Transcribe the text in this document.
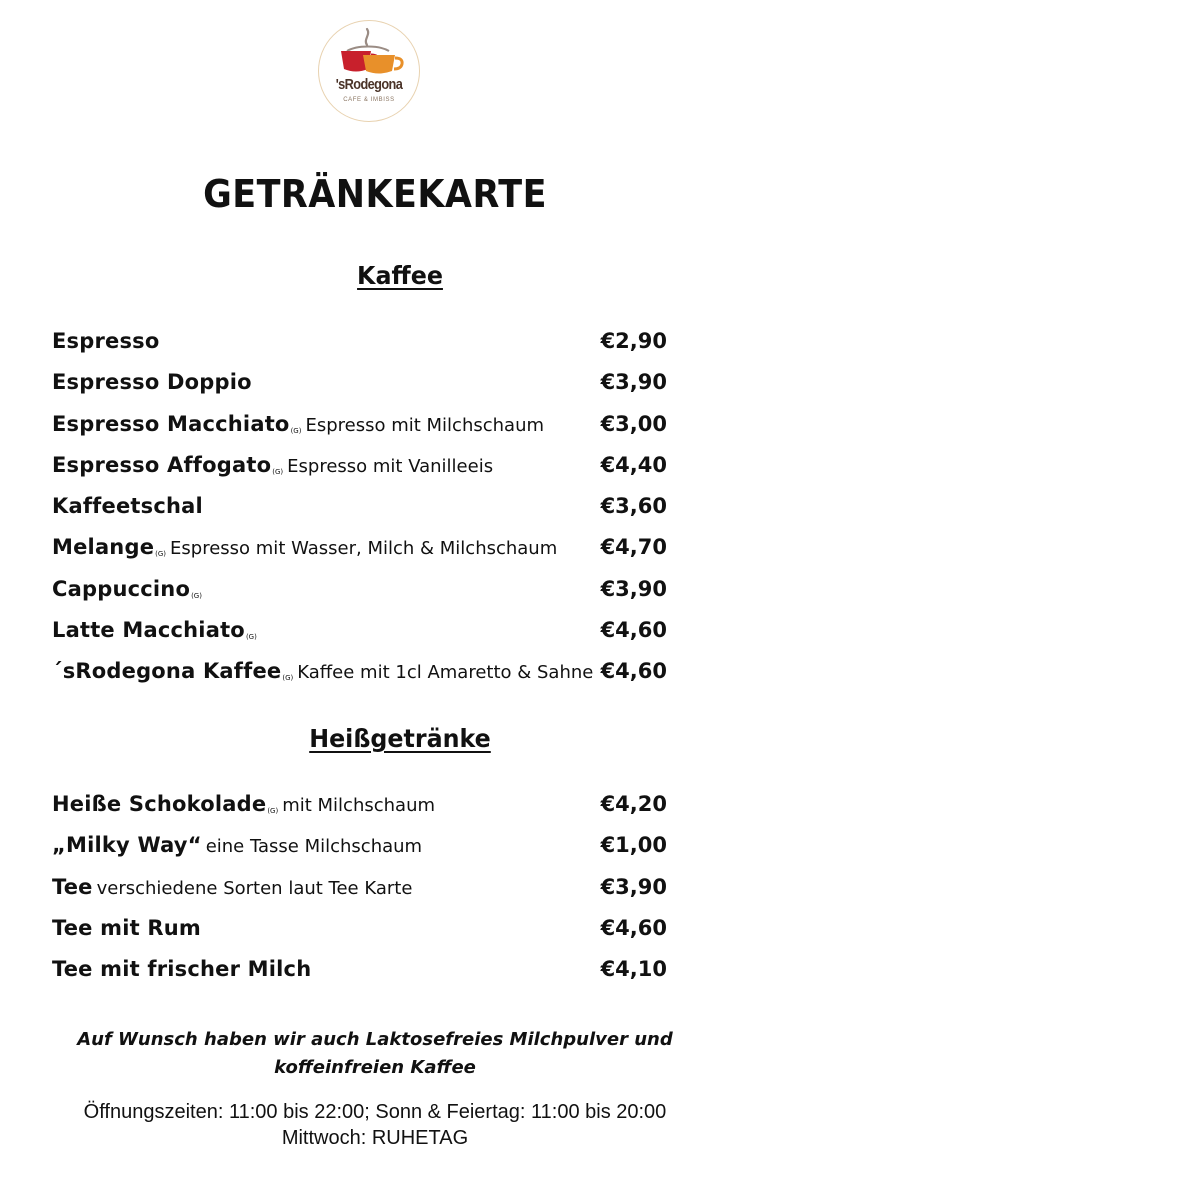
'sRodegona
CAFE & IMBISS
GETRÄNKEKARTE
Kaffee
Espresso	€2,90
Espresso Doppio	€3,90
Espresso Macchiato(G) Espresso mit Milchschaum	€3,00
Espresso Affogato(G) Espresso mit Vanilleeis	€4,40
Kaffeetschal	€3,60
Melange(G) Espresso mit Wasser, Milch & Milchschaum €4,70
Cappuccino(G)	€3,90
Latte Macchiato(G)	€4,60
´sRodegona Kaffee(G) Kaffee mit 1cl Amaretto & Sahne €4,60
Heißgetränke
Heiße Schokolade(G) mit Milchschaum	€4,20
„Milky Way“ eine Tasse Milchschaum	€1,00
Tee verschiedene Sorten laut Tee Karte	€3,90
Tee mit Rum	€4,60
Tee mit frischer Milch	€4,10
Auf Wunsch haben wir auch Laktosefreies Milchpulver und
koffeinfreien Kaffee
Öffnungszeiten: 11:00 bis 22:00; Sonn & Feiertag: 11:00 bis 20:00
Mittwoch: RUHETAG
